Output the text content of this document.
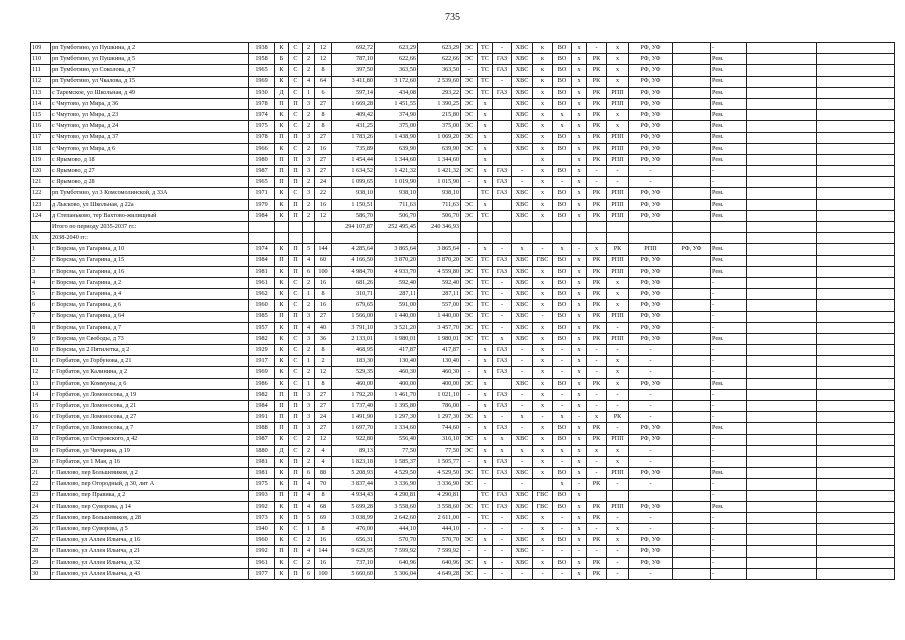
735
109	рп Тумботино, ул Пушкина, д 2	1938	К	С	2	12	692,72	623,29	623,29	ЭС	ТС	-	ХВС	к	ВО	х	-	х	РФ, УФ		-		
110	рп Тумботино, ул Пушкина, д 5	1958	Б	С	2	12	787,10	622,66	622,66	ЭС	ТС	ГАЗ	ХВС	к	ВО	х	РК	х	РФ, УФ		Рем.		
111	рп Тумботино, ул Соколова, д 7	1965	К	С	2	8	397,50	363,50	363,50	-	ТС	ГАЗ	ХВС	к	ВО	х	РК	х	РФ, УФ		Рем.		
112	рп Тумботино, ул Чкалова, д 15	1969	К	С	4	64	3 411,80	3 172,60	2 539,60	ЭС	ТС	-	ХВС	к	ВО	х	РК	х	РФ, УФ		Рем.		
113	с Таремское, ул Школьная, д 49	1930	Д	С	1	6	597,14	434,08	293,22	ЭС	ТС	ГАЗ	ХВС	х	ВО	х	РК	РПП	РФ, УФ		Рем.		
114	с Чмутово, ул Мира, д 36	1978	П	П	3	27	1 669,28	1 451,55	1 390,25	ЭС	х		ХВС	х	ВО	х	РК	РПП	РФ, УФ		Рем.		
115	с Чмутово, ул Мира, д 23	1974	К	С	2	8	409,42	374,90	215,80	ЭС	х		ХВС	х	х	х	РК	х	РФ, УФ		Рем.		
116	с Чмутово, ул Мира, д 24	1975	К	С	2	8	431,25	375,00	375,00	ЭС	х		ХВС	х	х	х	РК	х	РФ, УФ		Рем.		
117	с Чмутово, ул Мира, д 37	1978	П	П	3	27	1 783,26	1 438,90	1 069,20	ЭС	х		ХВС	х	ВО	х	РК	РПП	РФ, УФ		Рем.		
118	с Чмутово, ул Мира, д 6	1966	К	С	2	16	735,89	639,90	639,90	ЭС	х		ХВС	х	ВО	х	РК	РПП	РФ, УФ		Рем.		
119	с Ярымово, д 18	1980	П	П	3	27	1 454,44	1 344,60	1 344,60		х			х		х	РК	РПП	РФ, УФ		Рем.		
120	с Ярымово, д 27	1987	П	П	3	27	1 634,52	1 421,32	1 421,32	ЭС	х	ГАЗ	-	х	ВО	х	-	-	-		-		
121	с Ярымово, д 28	1965	П	П	2	24	1 099,65	1 019,90	1 015,90	-	х	ГАЗ	-	х	-	х	-	-	-		-		
122	рп Тумботино, ул 3 Комсомолинской, д 33А	1971	К	С	3	22	938,10	938,10	938,10		ТС	ГАЗ	ХВС	х	ВО	х	РК	РПП	РФ, УФ		Рем.		
123	д Лысково, ул Школьная, д 22а	1979	К	П	2	16	1 150,51	711,63	711,63	ЭС	х		ХВС	х	ВО	х	РК	РПП	РФ, УФ		Рем.		
124	д Степаньково, тер Вахтово-жилищный	1984	К	П	2	12	586,70	506,70	506,70	ЭС	ТС		ХВС	х	ВО	х	РК	РПП	РФ, УФ		Рем.		
	Итого по периоду 2035-2037 гг.:						294 107,87	252 495,45	240 346,93														
IX	2038-2040 гг.:																						
1	г Ворсма, ул Гагарина, д 10	1974	К	П	5	144	4 285,64	3 865,64	3 865,64	-	х	-	х	-	х	-	х	РК	РПП	РФ, УФ	Рем.		
2	г Ворсма, ул Гагарина, д 15	1984	П	П	4	60	4 166,50	3 870,20	3 870,20	ЭС	ТС	ГАЗ	ХВС	ГВС	ВО	х	РК	РПП	РФ, УФ		Рем.		
3	г Ворсма, ул Гагарина, д 16	1981	К	П	6	100	4 984,70	4 933,70	4 559,80	ЭС	ТС	ГАЗ	ХВС	х	ВО	х	РК	РПП	РФ, УФ		Рем.		
4	г Ворсма, ул Гагарина, д 2	1961	К	С	2	16	681,26	592,40	592,40	ЭС	ТС	-	ХВС	х	ВО	х	РК	х	РФ, УФ		-		
5	г Ворсма, ул Гагарина, д 4	1962	К	С	1	8	310,71	287,11	287,11	ЭС	ТС	-	ХВС	х	ВО	х	РК	х	РФ, УФ		-		
6	г Ворсма, ул Гагарина, д 6	1960	К	С	2	16	679,65	591,00	557,00	ЭС	ТС	-	ХВС	х	ВО	х	РК	х	РФ, УФ		-		
7	г Ворсма, ул Гагарина, д 64	1985	П	П	3	27	1 566,00	1 440,00	1 440,00	ЭС	ТС	-	ХВС	-	ВО	х	РК	РПП	РФ, УФ		-		
8	г Ворсма, ул Гагарина, д 7	1957	К	П	4	40	3 791,10	3 521,20	3 457,70	ЭС	ТС	-	ХВС	х	ВО	х	РК	-	РФ, УФ		-		
9	г Ворсма, ул Свободы, д 73	1982	К	С	3	36	2 133,01	1 980,01	1 980,01	ЭС	ТС	х	ХВС	х	ВО	х	РК	РПП	РФ, УФ		Рем.		
10	г Ворсма, ул 2 Пятилетка, д 2	1929	К	С	2	8	468,95	417,87	417,87	-	х	ГАЗ	-	х	-	х	-	-	-		-		
11	г Горбатов, ул Горбунова, д 21	1917	К	С	1	2	183,30	130,40	130,40	-	х	ГАЗ	-	х	-	х	-	х	-		-		
12	г Горбатов, ул Калинина, д 2	1969	К	С	2	12	529,35	460,30	460,30	-	х	ГАЗ	-	х	-	х	-	х	-		-		
13	г Горбатов, ул Коммуны, д 6	1986	К	С	1	8	460,00	400,00	400,00	ЭС	х		ХВС	х	ВО	х	РК	х	РФ, УФ		Рем.		
14	г Горбатов, ул Ломоносова, д 19	1982	П	П	3	27	1 792,20	1 461,70	1 021,10	-	х	ГАЗ	-	х	-	х	-	-	-		-		
15	г Горбатов, ул Ломоносова, д 21	1984	П	П	3	27	1 737,40	1 395,80	786,00	-	х	ГАЗ	-	х	-	х	-	-	-		-		
16	г Горбатов, ул Ломоносова, д 27	1991	П	П	3	24	1 491,90	1 297,30	1 297,30	ЭС	х	-	х	-	х	-	х	РК	-		-		
17	г Горбатов, ул Ломоносова, д 7	1988	П	П	3	27	1 697,70	1 334,60	744,60	-	х	ГАЗ	-	х	ВО	х	РК	-	РФ, УФ		Рем.		
18	г Горбатов, ул Островского, д 42	1987	К	С	2	12	922,80	556,40	316,10	ЭС	х	х	ХВС	х	ВО	х	РК	РПП	РФ, УФ		-		
19	г Горбатов, ул Чичерина, д 19	1880	Д	С	2	4	89,13	77,50	77,50	ЭС	х	х	х	х	х	х	х	х	-		-		
20	г Горбатов, ул 1 Мая, д 16	1981	К	П	2	4	1 823,18	1 585,37	1 505,77	-	х	ГАЗ	-	х	-	х	-	х	-		-		
21	г Павлово, пер Большевиков, д 2	1981	К	П	6	88	5 208,93	4 529,50	4 529,50	ЭС	ТС	ГАЗ	ХВС	х	ВО	х	-	РПП	РФ, УФ		Рем.		
22	г Павлово, пер Огородный, д 30, лит А	1975	К	П	4	70	3 837,44	3 336,90	3 336,90	ЭС	-		-		х	-	РК	-	-		-		
23	г Павлово, пер Правика, д 2	1993	П	П	4	8	4 934,43	4 290,81	4 290,81		ТС	ГАЗ	ХВС	ГВС	ВО	х					-		
24	г Павлово, пер Суворова, д 14	1992	К	П	4	68	5 699,28	3 558,60	3 558,60	ЭС	ТС	ГАЗ	ХВС	ГВС	ВО	х	РК	РПП	РФ, УФ		Рем.		
25	г Павлово, пер Большевиков, д 28	1973	К	П	5	69	3 038,99	2 642,60	2 611,00	-	ТС	-	ХВС	х	-	х	РК	-	-		-		
26	г Павлово, пер Суворова, д 5	1940	К	С	1	8	476,00	444,10	444,10	-	-	-	-	х	-	х	-	х	-		-		
27	г Павлово, ул Аллея Ильича, д 16	1960	К	С	2	16	656,31	570,70	570,70	ЭС	х	-	ХВС	х	ВО	х	РК	х	РФ, УФ		-		
28	г Павлово, ул Аллея Ильича, д 21	1992	П	П	4	144	9 629,95	7 599,92	7 599,92	-	-	-	ХВС	-	-	-	-	-	РФ, УФ		-		
29	г Павлово, ул Аллея Ильича, д 32	1961	К	С	2	16	737,10	640,96	640,96	ЭС	х	-	ХВС	х	ВО	х	РК	-	РФ, УФ		-		
30	г Павлово, ул Аллея Ильича, д 43	1977	К	П	6	100	5 660,60	5 306,04	4 649,28	ЭС	-	-	-	-	-	х	РК	-	-		-		
